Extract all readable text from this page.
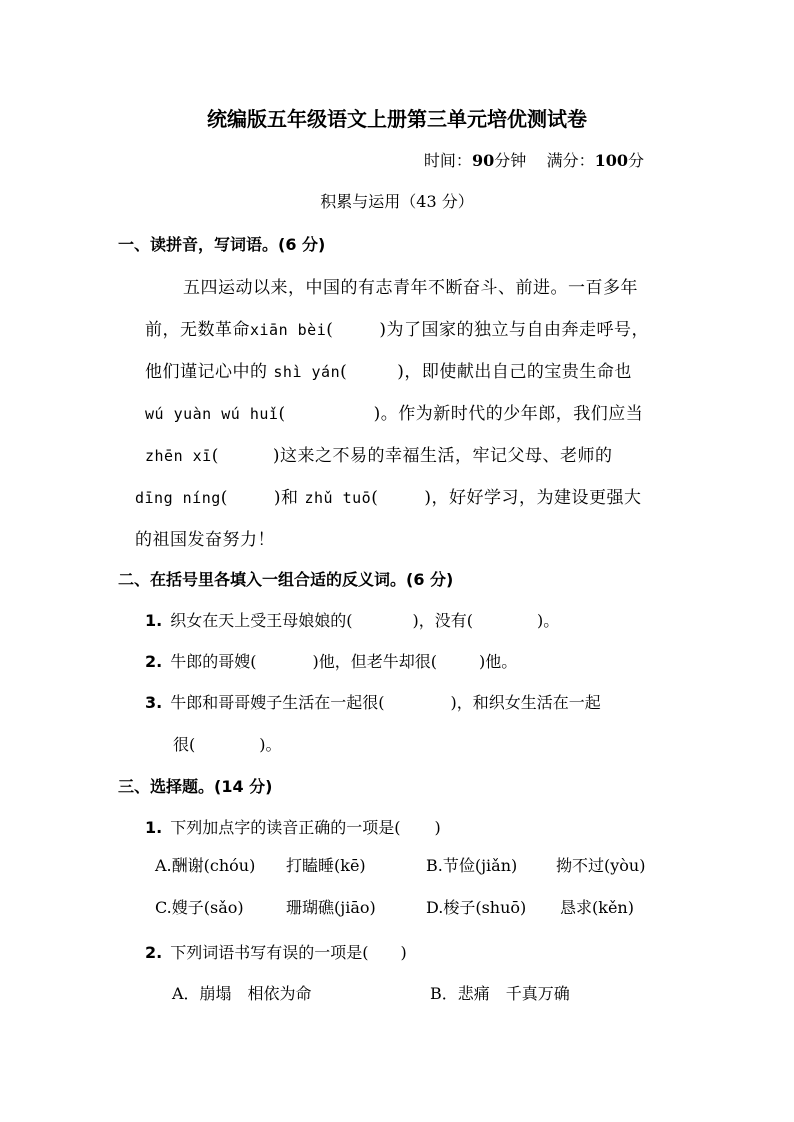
统编版五年级语文上册第三单元培优测试卷
时间：90分钟 满分：100分
积累与运用（43 分）
一、读拼音，写词语。(6 分)
五四运动以来，中国的有志青年不断奋斗、前进。一百多年
前，无数革命xiān bèi(	)为了国家的独立与自由奔走呼号，
他们谨记心中的 shì yán(	)，即使献出自己的宝贵生命也
wú yuàn wú huǐ(	)。作为新时代的少年郎，我们应当
zhēn xī(	)这来之不易的幸福生活，牢记父母、老师的
dīng níng(	)和 zhǔ tuō(	)，好好学习，为建设更强大
的祖国发奋努力！
二、在括号里各填入一组合适的反义词。(6 分)
1. 织女在天上受王母娘娘的(	)，没有(	)。
2. 牛郎的哥嫂(	)他，但老牛却很(	)他。
3. 牛郎和哥哥嫂子生活在一起很(	)，和织女生活在一起
很(	)。
三、选择题。(14 分)
1. 下列加点字的读音正确的一项是( )
A.酬谢(chóu) 打瞌睡(kē)	B.节俭(jiǎn) 拗不过(yòu)
C.嫂子(sǎo)	珊瑚礁(jiāo)	D.梭子(shuō) 恳求(kěn)
2. 下列词语书写有误的一项是( )
A．崩塌　相依为命	B．悲痛　千真万确
